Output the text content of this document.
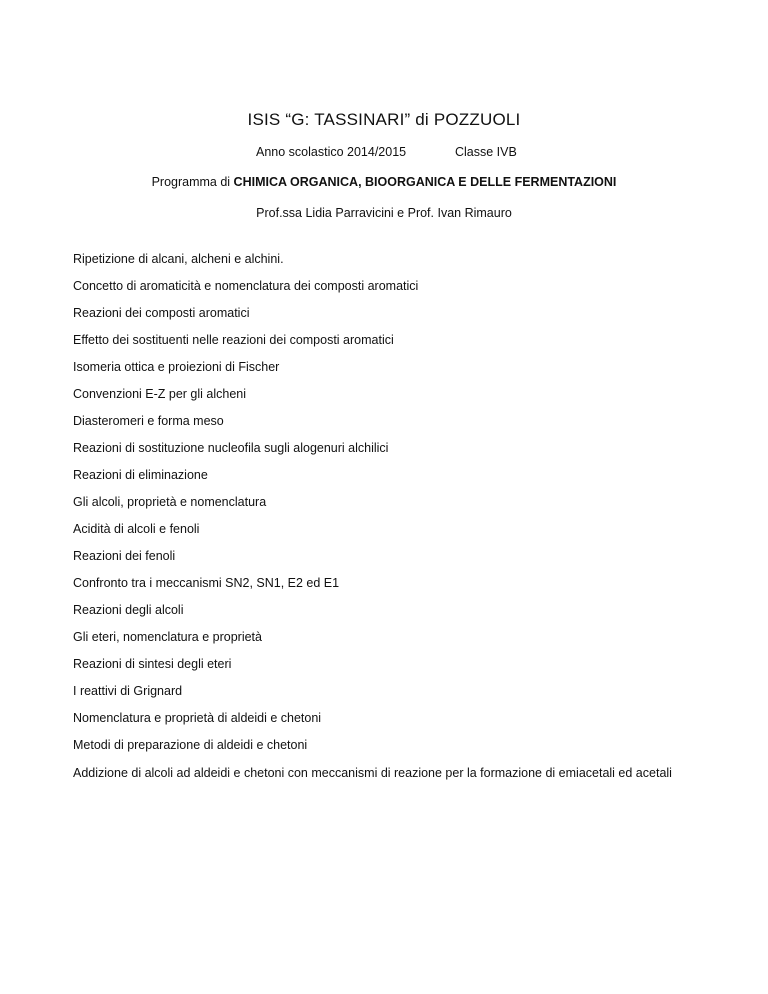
ISIS “G: TASSINARI” di POZZUOLI
Anno scolastico 2014/2015	Classe IVB
Programma di CHIMICA ORGANICA, BIOORGANICA E DELLE FERMENTAZIONI
Prof.ssa Lidia Parravicini e Prof. Ivan Rimauro
Ripetizione di alcani, alcheni e alchini.
Concetto di aromaticità e nomenclatura dei composti aromatici
Reazioni dei composti aromatici
Effetto dei sostituenti nelle reazioni dei composti aromatici
Isomeria ottica e proiezioni di Fischer
Convenzioni E-Z per gli alcheni
Diasteromeri e forma meso
Reazioni di sostituzione nucleofila sugli alogenuri alchilici
Reazioni di eliminazione
Gli alcoli, proprietà e nomenclatura
Acidità di alcoli e fenoli
Reazioni dei fenoli
Confronto tra i meccanismi SN2, SN1, E2 ed E1
Reazioni degli alcoli
Gli eteri, nomenclatura e proprietà
Reazioni di sintesi degli eteri
I reattivi di Grignard
Nomenclatura e proprietà di aldeidi e chetoni
Metodi di preparazione di aldeidi e chetoni
Addizione di alcoli ad aldeidi e chetoni con meccanismi di reazione per la formazione di emiacetali ed acetali
